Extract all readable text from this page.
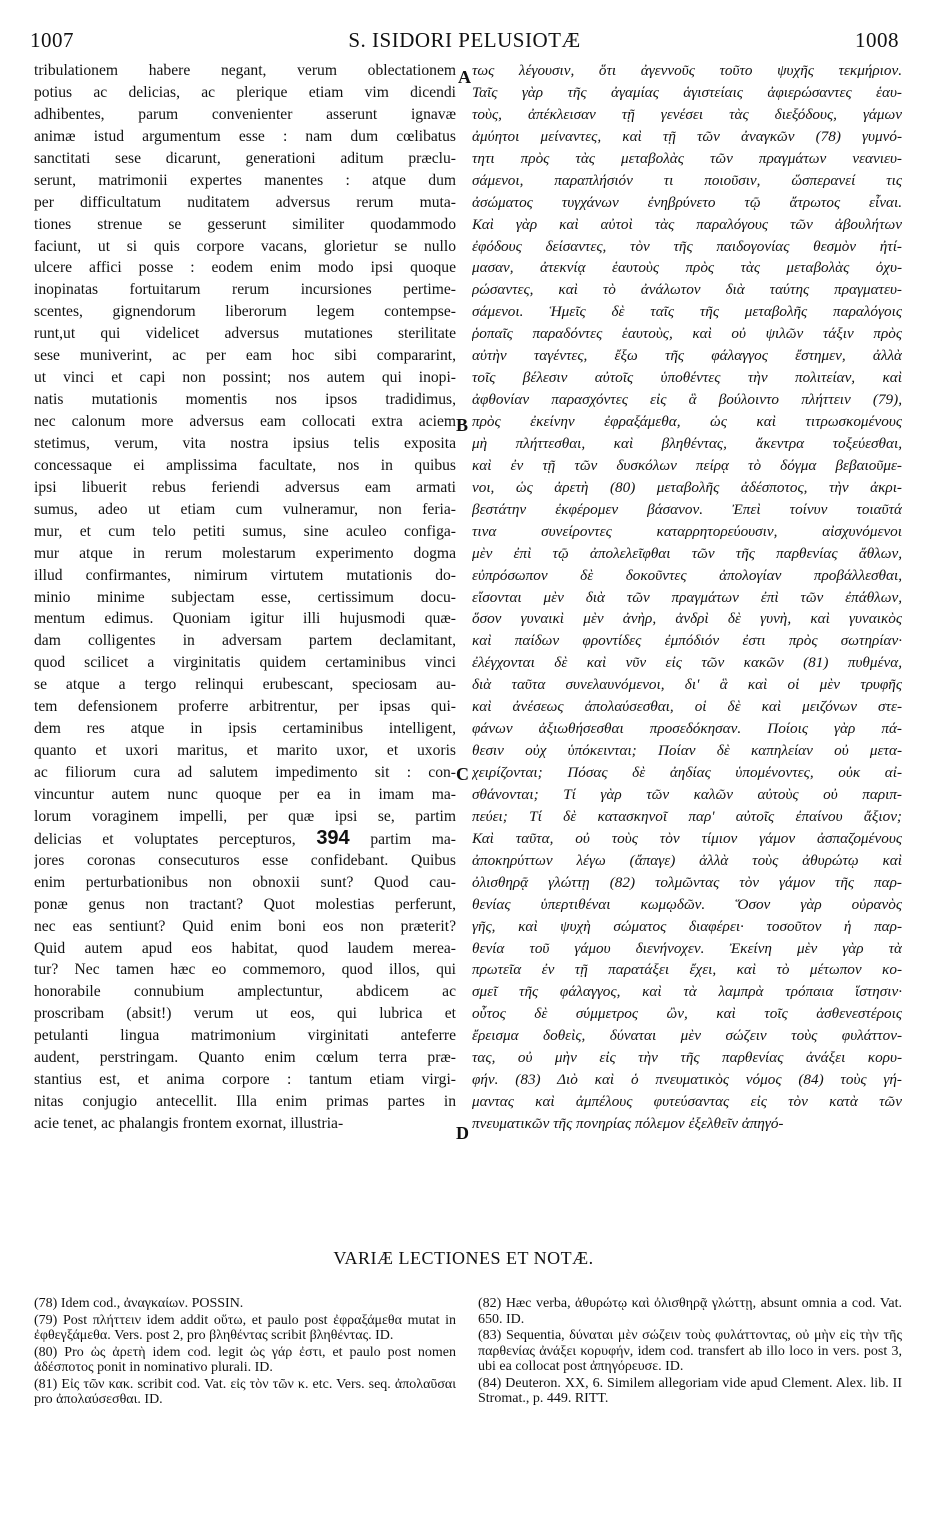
1007	S. ISIDORI PELUSIOTÆ	1008
tribulationem habere negant, verum oblectationem
potius ac delicias, ac plerique etiam vim dicendi
adhibentes, parum convenienter asserunt ignavæ
animæ istud argumentum esse : nam dum cœlibatus
sanctitati sese dicarunt, generationi aditum præclu-
serunt, matrimonii expertes manentes : atque dum
per difficultatum nuditatem adversus rerum muta-
tiones strenue se gesserunt similiter quodammodo
faciunt, ut si quis corpore vacans, glorietur se nullo
ulcere affici posse : eodem enim modo ipsi quoque
inopinatas fortuitarum rerum incursiones pertime-
scentes, gignendorum liberorum legem contempse-
runt,ut qui videlicet adversus mutationes sterilitate
sese muniverint, ac per eam hoc sibi compararint,
ut vinci et capi non possint; nos autem qui inopi-
natis mutationis momentis nos ipsos tradidimus,
nec calonum more adversus eam collocati extra aciem
stetimus, verum, vita nostra ipsius telis exposita
concessaque ei amplissima facultate, nos in quibus
ipsi libuerit rebus feriendi adversus eam armati
sumus, adeo ut etiam cum vulneramur, non feria-
mur, et cum telo petiti sumus, sine aculeo configa-
mur atque in rerum molestarum experimento dogma
illud confirmantes, nimirum virtutem mutationis do-
minio minime subjectam esse, certissimum docu-
mentum edimus. Quoniam igitur illi hujusmodi quæ-
dam colligentes in adversam partem declamitant,
quod scilicet a virginitatis quidem certaminibus vinci
se atque a tergo relinqui erubescant, speciosam au-
tem defensionem proferre arbitrentur, per ipsas qui-
dem res atque in ipsis certaminibus intelligent,
quanto et uxori maritus, et marito uxor, et uxoris
ac filiorum cura ad salutem impedimento sit : con-
vincuntur autem nunc quoque per ea in imam ma-
lorum voraginem impelli, per quæ ipsi se, partim
delicias et voluptates percepturos, 394 partim ma-
jores coronas consecuturos esse confidebant. Quibus
enim perturbationibus non obnoxii sunt? Quod cau-
ponæ genus non tractant? Quot molestias perferunt,
nec eas sentiunt? Quid enim boni eos non præterit?
Quid autem apud eos habitat, quod laudem merea-
tur? Nec tamen hæc eo commemoro, quod illos, qui
honorabile connubium amplectuntur, abdicem ac
proscribam (absit!) verum ut eos, qui lubrica et
petulanti lingua matrimonium virginitati anteferre
audent, perstringam. Quanto enim cœlum terra præ-
stantius est, et anima corpore : tantum etiam virgi-
nitas conjugio antecellit. Illa enim primas partes in
acie tenet, ac phalangis frontem exornat, illustria-
τως λέγουσιν, ὅτι ἀγεννοῦς τοῦτο ψυχῆς τεκμήριον.
Ταῖς γὰρ τῆς ἀγαμίας ἁγιστείαις ἀφιερώσαντες ἑαυ-
τοὺς, ἀπέκλεισαν τῇ γενέσει τὰς διεξόδους, γάμων
ἀμύητοι μείναντες, καὶ τῇ τῶν ἀναγκῶν (78) γυμνό-
τητι πρὸς τὰς μεταβολὰς τῶν πραγμάτων νεανιευ-
σάμενοι, παραπλήσιόν τι ποιοῦσιν, ὥσπερανεί τις
ἀσώματος τυγχάνων ἐνηβρύνετο τῷ ἄτρωτος εἶναι.
Καὶ γὰρ καὶ αὐτοὶ τὰς παραλόγους τῶν ἀβουλήτων
ἐφόδους δείσαντες, τὸν τῆς παιδογονίας θεσμὸν ἠτί-
μασαν, ἀτεκνίᾳ ἑαυτοὺς πρὸς τὰς μεταβολὰς ὀχυ-
ρώσαντες, καὶ τὸ ἀνάλωτον διὰ ταύτης πραγματευ-
σάμενοι. Ἡμεῖς δὲ ταῖς τῆς μεταβολῆς παραλόγοις
ῥοπαῖς παραδόντες ἑαυτοὺς, καὶ οὐ ψιλῶν τάξιν πρὸς
αὐτὴν ταγέντες, ἔξω τῆς φάλαγγος ἔστημεν, ἀλλὰ
τοῖς βέλεσιν αὐτοῖς ὑποθέντες τὴν πολιτείαν, καὶ
ἀφθονίαν παρασχόντες εἰς ἃ βούλοιντο πλήττειν (79),
πρὸς ἐκείνην ἐφραξάμεθα, ὡς καὶ τιτρωσκομένους
μὴ πλήττεσθαι, καὶ βληθέντας, ἄκεντρα τοξεύεσθαι,
καὶ ἐν τῇ τῶν δυσκόλων πείρᾳ τὸ δόγμα βεβαιοῦμε-
νοι, ὡς ἀρετὴ (80) μεταβολῆς ἀδέσποτος, τὴν ἀκρι-
βεστάτην ἐκφέρομεν βάσανον. Ἐπεὶ τοίνυν τοιαῦτά
τινα συνείροντες καταρρητορεύουσιν, αἰσχυνόμενοι
μὲν ἐπὶ τῷ ἀπολελεῖφθαι τῶν τῆς παρθενίας ἄθλων,
εὐπρόσωπον δὲ δοκοῦντες ἀπολογίαν προβάλλεσθαι,
εἴσονται μὲν διὰ τῶν πραγμάτων ἐπὶ τῶν ἐπάθλων,
ὅσον γυναικὶ μὲν ἀνὴρ, ἀνδρὶ δὲ γυνὴ, καὶ γυναικὸς
καὶ παίδων φροντίδες ἐμπόδιόν ἐστι πρὸς σωτηρίαν·
ἐλέγχονται δὲ καὶ νῦν εἰς τῶν κακῶν (81) πυθμένα,
διὰ ταῦτα συνελαυνόμενοι, δι' ἃ καὶ οἱ μὲν τρυφῆς
καὶ ἀνέσεως ἀπολαύσεσθαι, οἱ δὲ καὶ μειζόνων στε-
φάνων ἀξιωθήσεσθαι προσεδόκησαν. Ποίοις γὰρ πά-
θεσιν οὐχ ὑπόκεινται; Ποίαν δὲ καπηλείαν οὐ μετα-
χειρίζονται; Πόσας δὲ ἀηδίας ὑπομένοντες, οὐκ αἰ-
σθάνονται; Τί γὰρ τῶν καλῶν αὐτοὺς οὐ παριπ-
πεύει; Τί δὲ κατασκηνοῖ παρ' αὐτοῖς ἐπαίνου ἄξιον;
Καὶ ταῦτα, οὐ τοὺς τὸν τίμιον γάμον ἀσπαζομένους
ἀποκηρύττων λέγω (ἄπαγε) ἀλλὰ τοὺς ἀθυρώτῳ καὶ
ὀλισθηρᾷ γλώττῃ (82) τολμῶντας τὸν γάμον τῆς παρ-
θενίας ὑπερτιθέναι κωμῳδῶν. Ὅσον γὰρ οὐρανὸς
γῆς, καὶ ψυχὴ σώματος διαφέρει· τοσοῦτον ἡ παρ-
θενία τοῦ γάμου διενήνοχεν. Ἐκείνη μὲν γὰρ τὰ
πρωτεῖα ἐν τῇ παρατάξει ἔχει, καὶ τὸ μέτωπον κο-
σμεῖ τῆς φάλαγγος, καὶ τὰ λαμπρὰ τρόπαια ἵστησιν·
οὗτος δὲ σύμμετρος ὢν, καὶ τοῖς ἀσθενεστέροις
ἔρεισμα δοθεὶς, δύναται μὲν σώζειν τοὺς φυλάττον-
τας, οὐ μὴν εἰς τὴν τῆς παρθενίας ἀνάξει κορυ-
φήν. (83) Διὸ καὶ ὁ πνευματικὸς νόμος (84) τοὺς γή-
μαντας καὶ ἀμπέλους φυτεύσαντας εἰς τὸν κατὰ τῶν
πνευματικῶν τῆς πονηρίας πόλεμον ἐξελθεῖν ἀπηγό-
A
B
C
D
VARIÆ LECTIONES ET NOTÆ.

(78) Idem cod., ἀναγκαίων. POSSIN.

(79) Post πλήττειν idem addit οὕτω, et paulo post ἐφραξάμεθα mutat in ἐφθεγξάμεθα. Vers. post 2, pro βληθέντας scribit βληθέντας. ID.

(80) Pro ὡς ἀρετὴ idem cod. legit ὡς γάρ ἐστι, et paulo post nomen ἀδέσποτος ponit in nominativo plurali. ID.

(81) Εἰς τῶν κακ. scribit cod. Vat. εἰς τὸν τῶν κ. etc. Vers. seq. ἀπολαῦσαι pro ἀπολαύσεσθαι. ID.

(82) Hæc verba, ἀθυρώτῳ καὶ ὀλισθηρᾷ γλώττῃ, absunt omnia a cod. Vat. 650. ID.

(83) Sequentia, δύναται μὲν σώζειν τοὺς φυλάττοντας, οὐ μὴν εἰς τὴν τῆς παρθενίας ἀνάξει κορυφήν, idem cod. transfert ab illo loco in vers. post 3, ubi ea collocat post ἀπηγόρευσε. ID.

(84) Deuteron. XX, 6. Similem allegoriam vide apud Clement. Alex. lib. II Stromat., p. 449. RITT.
